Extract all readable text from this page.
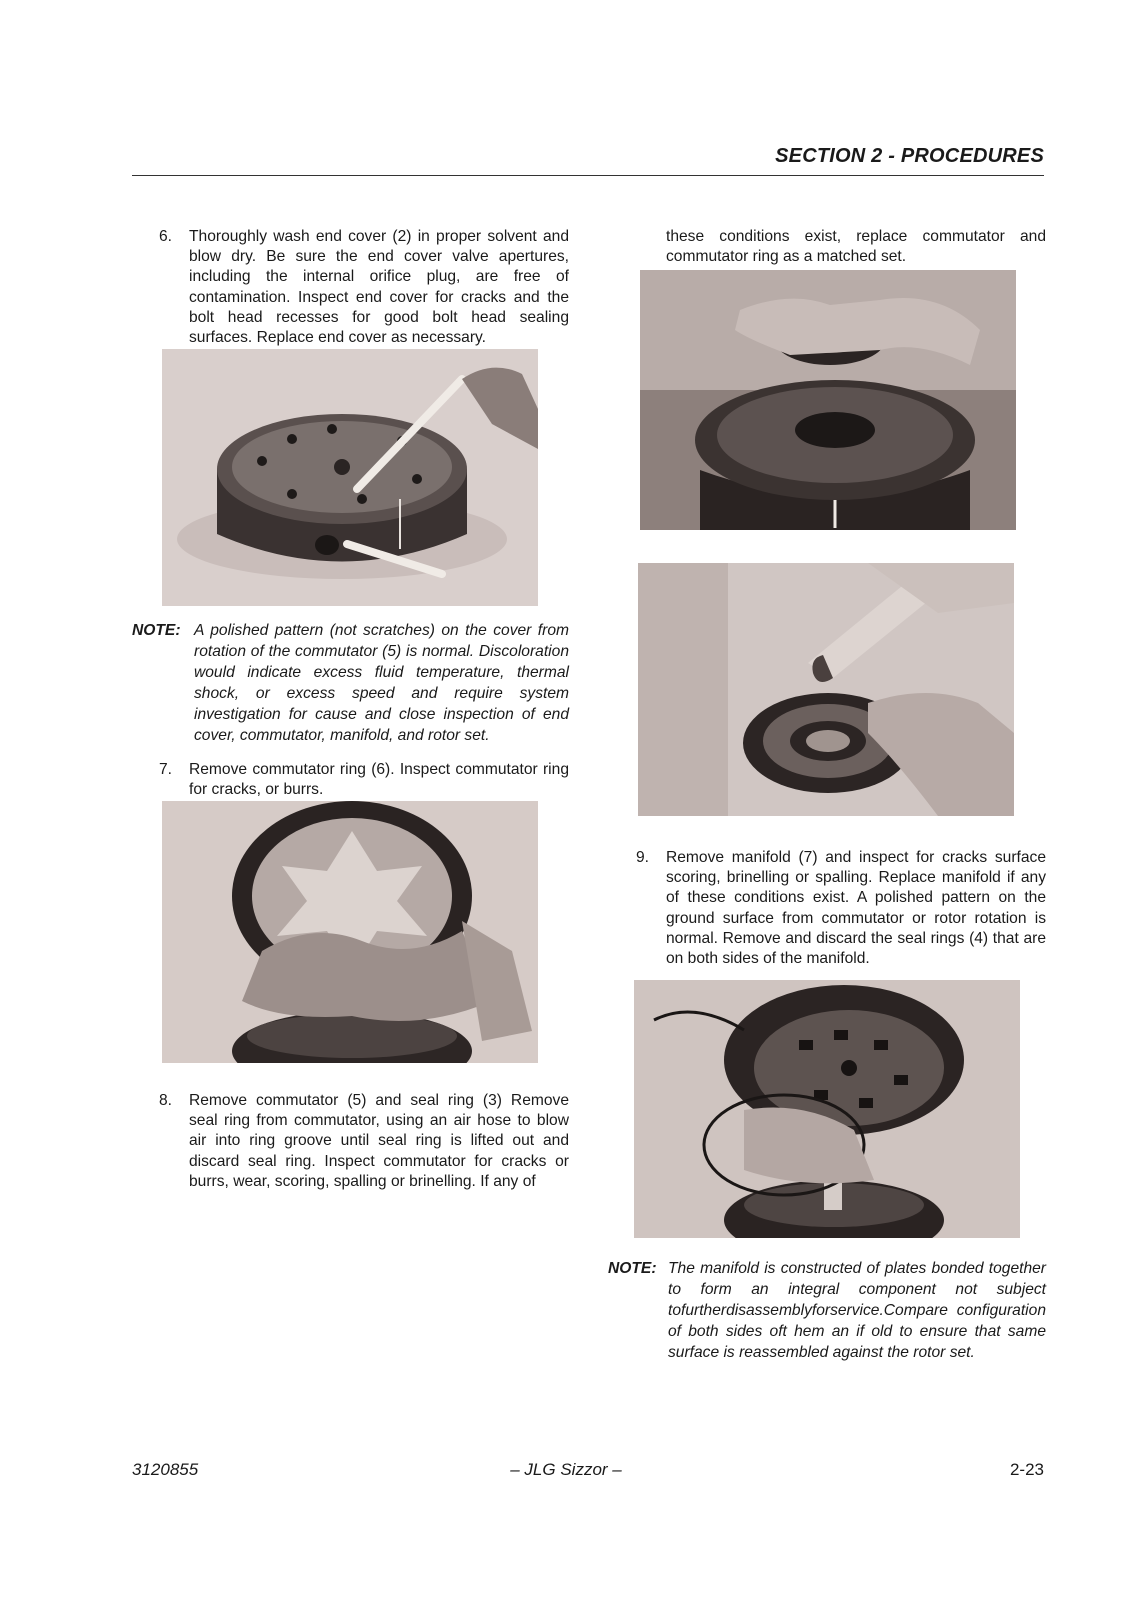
SECTION 2 - PROCEDURES
6. Thoroughly wash end cover (2) in proper solvent and blow dry. Be sure the end cover valve apertures, including the internal orifice plug, are free of contamination. Inspect end cover for cracks and the bolt head recesses for good bolt head sealing surfaces. Replace end cover as necessary.
NOTE: A polished pattern (not scratches) on the cover from rotation of the commutator (5) is normal. Discoloration would indicate excess fluid temperature, thermal shock, or excess speed and require system investigation for cause and close inspection of end cover, commutator, manifold, and rotor set.
7. Remove commutator ring (6). Inspect commutator ring for cracks, or burrs.
8. Remove commutator (5) and seal ring (3) Remove seal ring from commutator, using an air hose to blow air into ring groove until seal ring is lifted out and discard seal ring. Inspect commutator for cracks or burrs, wear, scoring, spalling or brinelling. If any of
these conditions exist, replace commutator and commutator ring as a matched set.
9. Remove manifold (7) and inspect for cracks surface scoring, brinelling or spalling. Replace manifold if any of these conditions exist. A polished pattern on the ground surface from commutator or rotor rotation is normal. Remove and discard the seal rings (4) that are on both sides of the manifold.
NOTE: The manifold is constructed of plates bonded together to form an integral component not subject tofurtherdisassemblyforservice.Compare configuration of both sides oft hem an if old to ensure that same surface is reassembled against the rotor set.
3120855	– JLG Sizzor –	2-23
